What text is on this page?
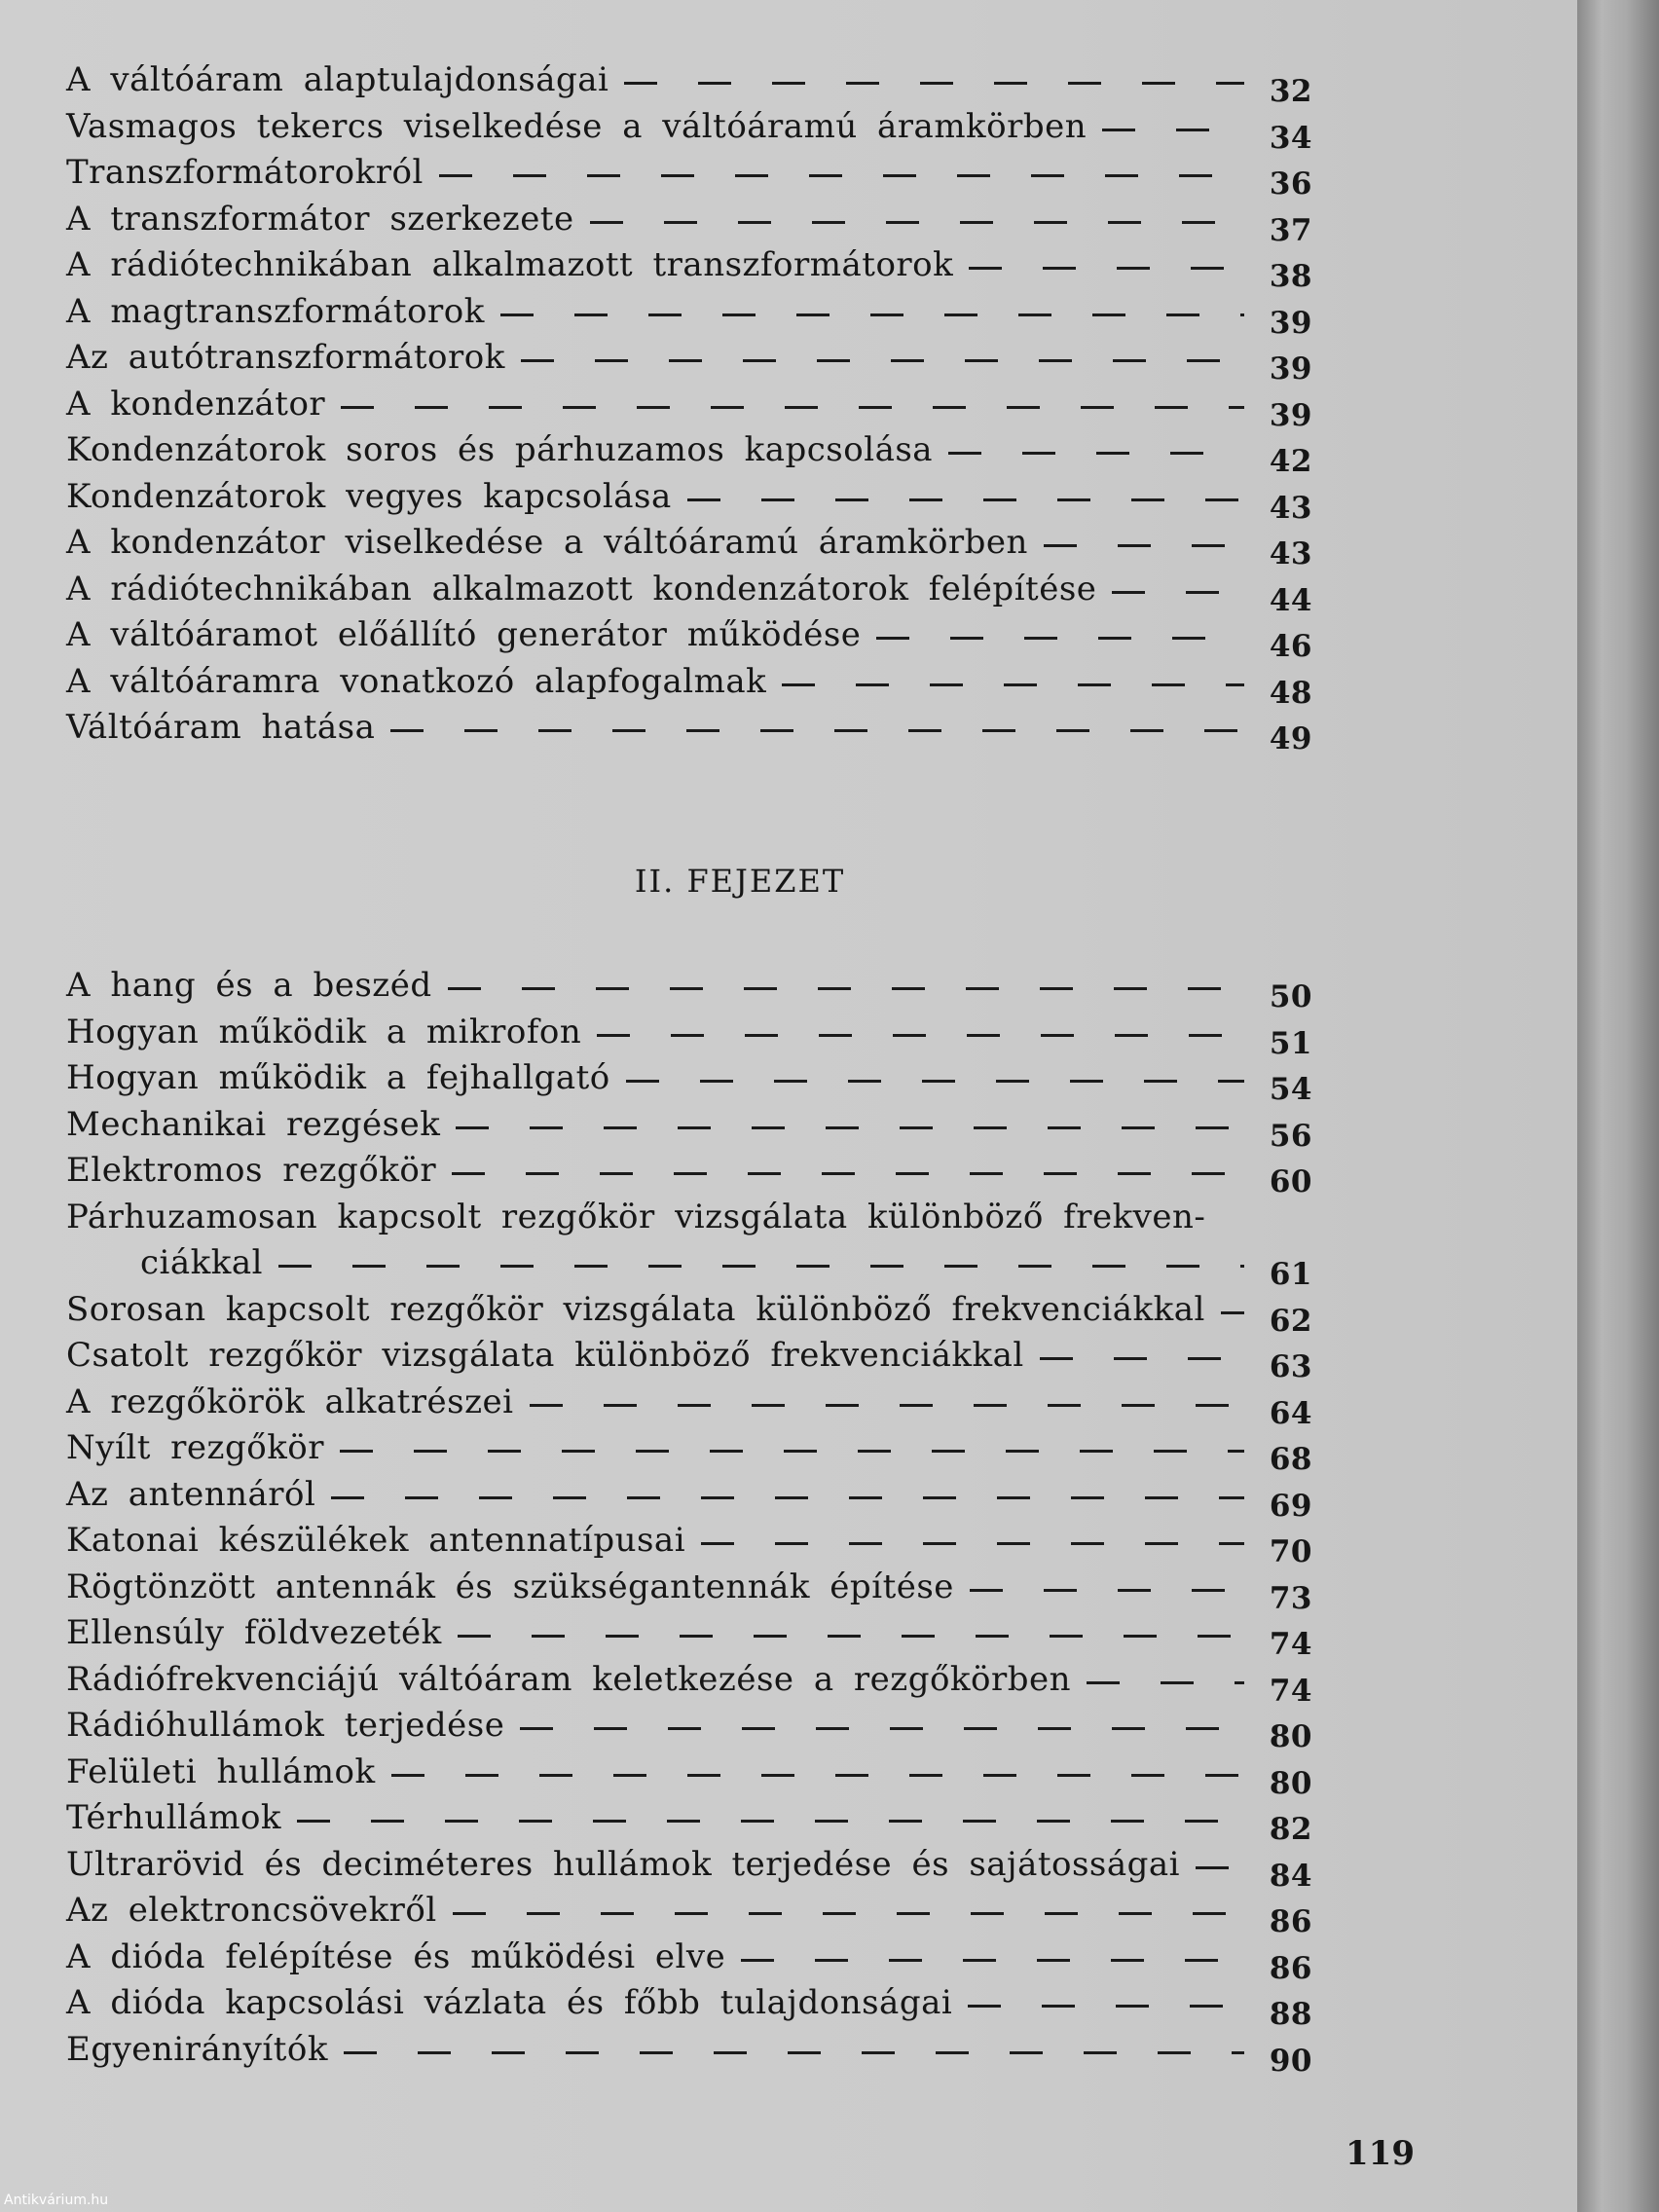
A váltóáram alaptulajdonságai	32
Vasmagos tekercs viselkedése a váltóáramú áramkörben	34
Transzformátorokról	36
A transzformátor szerkezete	37
A rádiótechnikában alkalmazott transzformátorok	38
A magtranszformátorok	39
Az autótranszformátorok	39
A kondenzátor	39
Kondenzátorok soros és párhuzamos kapcsolása	42
Kondenzátorok vegyes kapcsolása	43
A kondenzátor viselkedése a váltóáramú áramkörben	43
A rádiótechnikában alkalmazott kondenzátorok felépítése	44
A váltóáramot előállító generátor működése	46
A váltóáramra vonatkozó alapfogalmak	48
Váltóáram hatása	49
II. FEJEZET
A hang és a beszéd	50
Hogyan működik a mikrofon	51
Hogyan működik a fejhallgató	54
Mechanikai rezgések	56
Elektromos rezgőkör	60
Párhuzamosan kapcsolt rezgőkör vizsgálata különböző frekven-
ciákkal	61
Sorosan kapcsolt rezgőkör vizsgálata különböző frekvenciákkal	62
Csatolt rezgőkör vizsgálata különböző frekvenciákkal	63
A rezgőkörök alkatrészei	64
Nyílt rezgőkör	68
Az antennáról	69
Katonai készülékek antennatípusai	70
Rögtönzött antennák és szükségantennák építése	73
Ellensúly földvezeték	74
Rádiófrekvenciájú váltóáram keletkezése a rezgőkörben	74
Rádióhullámok terjedése	80
Felületi hullámok	80
Térhullámok	82
Ultrarövid és deciméteres hullámok terjedése és sajátosságai	84
Az elektroncsövekről	86
A dióda felépítése és működési elve	86
A dióda kapcsolási vázlata és főbb tulajdonságai	88
Egyenirányítók	90
119
Antikvárium.hu
